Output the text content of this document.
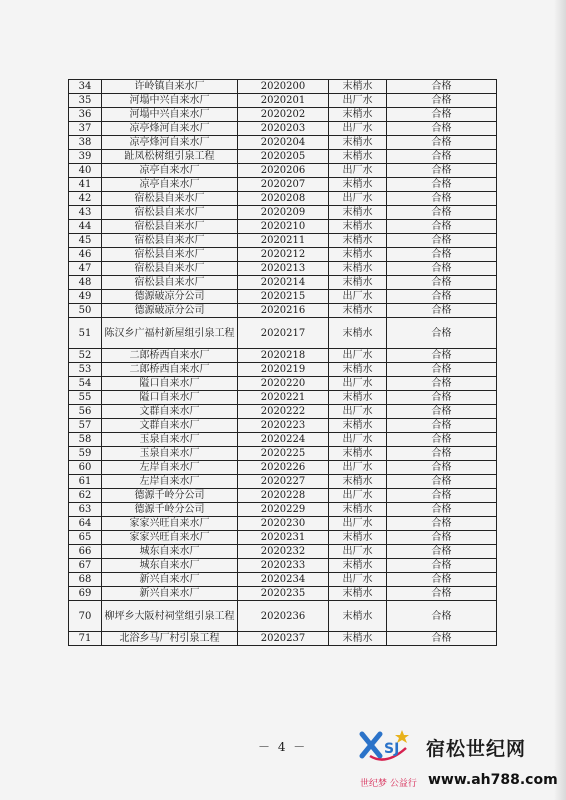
34	许岭镇自来水厂	2020200	末梢水	合格
35	河塌中兴自来水厂	2020201	出厂水	合格
36	河塌中兴自来水厂	2020202	末梢水	合格
37	凉亭烽河自来水厂	2020203	出厂水	合格
38	凉亭烽河自来水厂	2020204	末梢水	合格
39	趾凤松树组引泉工程	2020205	末梢水	合格
40	凉亭自来水厂	2020206	出厂水	合格
41	凉亭自来水厂	2020207	末梢水	合格
42	宿松县自来水厂	2020208	出厂水	合格
43	宿松县自来水厂	2020209	末梢水	合格
44	宿松县自来水厂	2020210	末梢水	合格
45	宿松县自来水厂	2020211	末梢水	合格
46	宿松县自来水厂	2020212	末梢水	合格
47	宿松县自来水厂	2020213	末梢水	合格
48	宿松县自来水厂	2020214	末梢水	合格
49	德源破凉分公司	2020215	出厂水	合格
50	德源破凉分公司	2020216	末梢水	合格
51	陈汉乡广福村新屋组引泉工程	2020217	末梢水	合格
52	二郎桥西自来水厂	2020218	出厂水	合格
53	二郎桥西自来水厂	2020219	末梢水	合格
54	隘口自来水厂	2020220	出厂水	合格
55	隘口自来水厂	2020221	末梢水	合格
56	文群自来水厂	2020222	出厂水	合格
57	文群自来水厂	2020223	末梢水	合格
58	玉泉自来水厂	2020224	出厂水	合格
59	玉泉自来水厂	2020225	末梢水	合格
60	左岸自来水厂	2020226	出厂水	合格
61	左岸自来水厂	2020227	末梢水	合格
62	德源千岭分公司	2020228	出厂水	合格
63	德源千岭分公司	2020229	末梢水	合格
64	家家兴旺自来水厂	2020230	出厂水	合格
65	家家兴旺自来水厂	2020231	末梢水	合格
66	城东自来水厂	2020232	出厂水	合格
67	城东自来水厂	2020233	末梢水	合格
68	新兴自来水厂	2020234	出厂水	合格
69	新兴自来水厂	2020235	末梢水	合格
70	柳坪乡大阪村祠堂组引泉工程	2020236	末梢水	合格
71	北浴乡马厂村引泉工程	2020237	末梢水	合格
－ 4 －	SJ 宿松世纪网
世纪梦 公益行 www.ah788.com
